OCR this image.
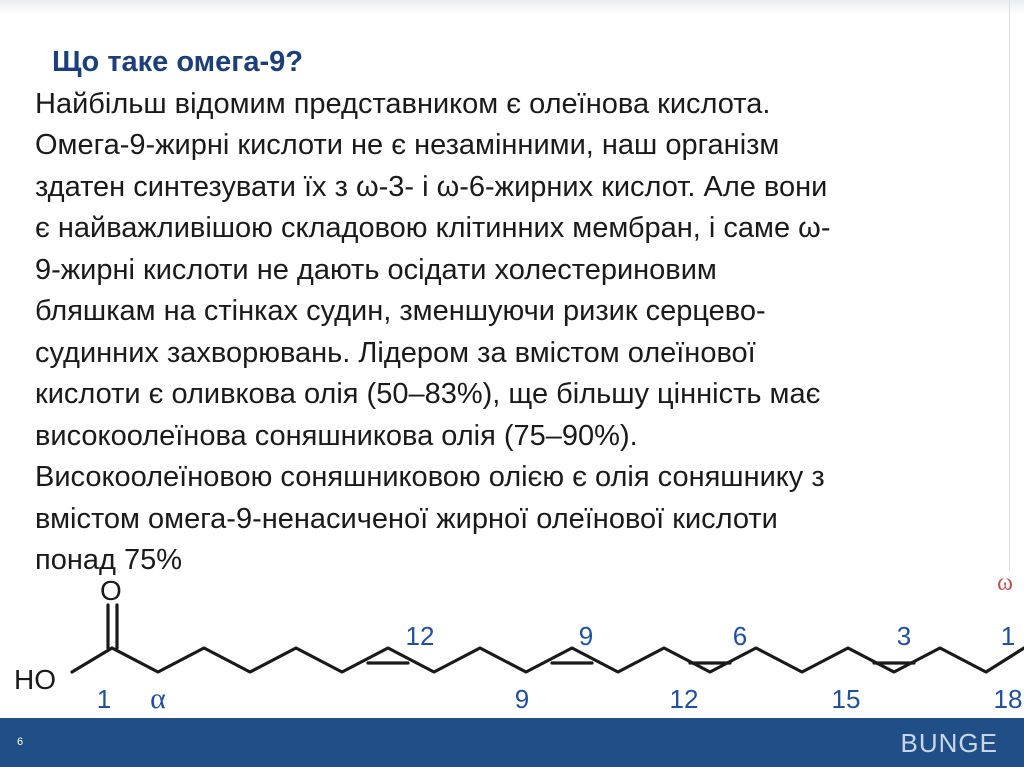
Що таке омега-9?
Найбільш відомим представником є олеїнова кислота.
Омега-9-жирні кислоти не є незамінними, наш організм
здатен синтезувати їх з ω-3- і ω-6-жирних кислот. Але вони
є найважливішою складовою клітинних мембран, і саме ω-
9-жирні кислоти не дають осідати холестериновим
бляшкам на стінках судин, зменшуючи ризик серцево-
судинних захворювань. Лідером за вмістом олеїнової
кислоти є оливкова олія (50–83%), ще більшу цінність має
високоолеїнова соняшникова олія (75–90%).
Високоолеїновою соняшниковою олією є олія соняшнику з
вмістом омега-9-ненасиченої жирної олеїнової кислоти
понад 75%
O
HO
12	9	6	3	1
1	9	12	15	18
α
ω
6	BUNGE
